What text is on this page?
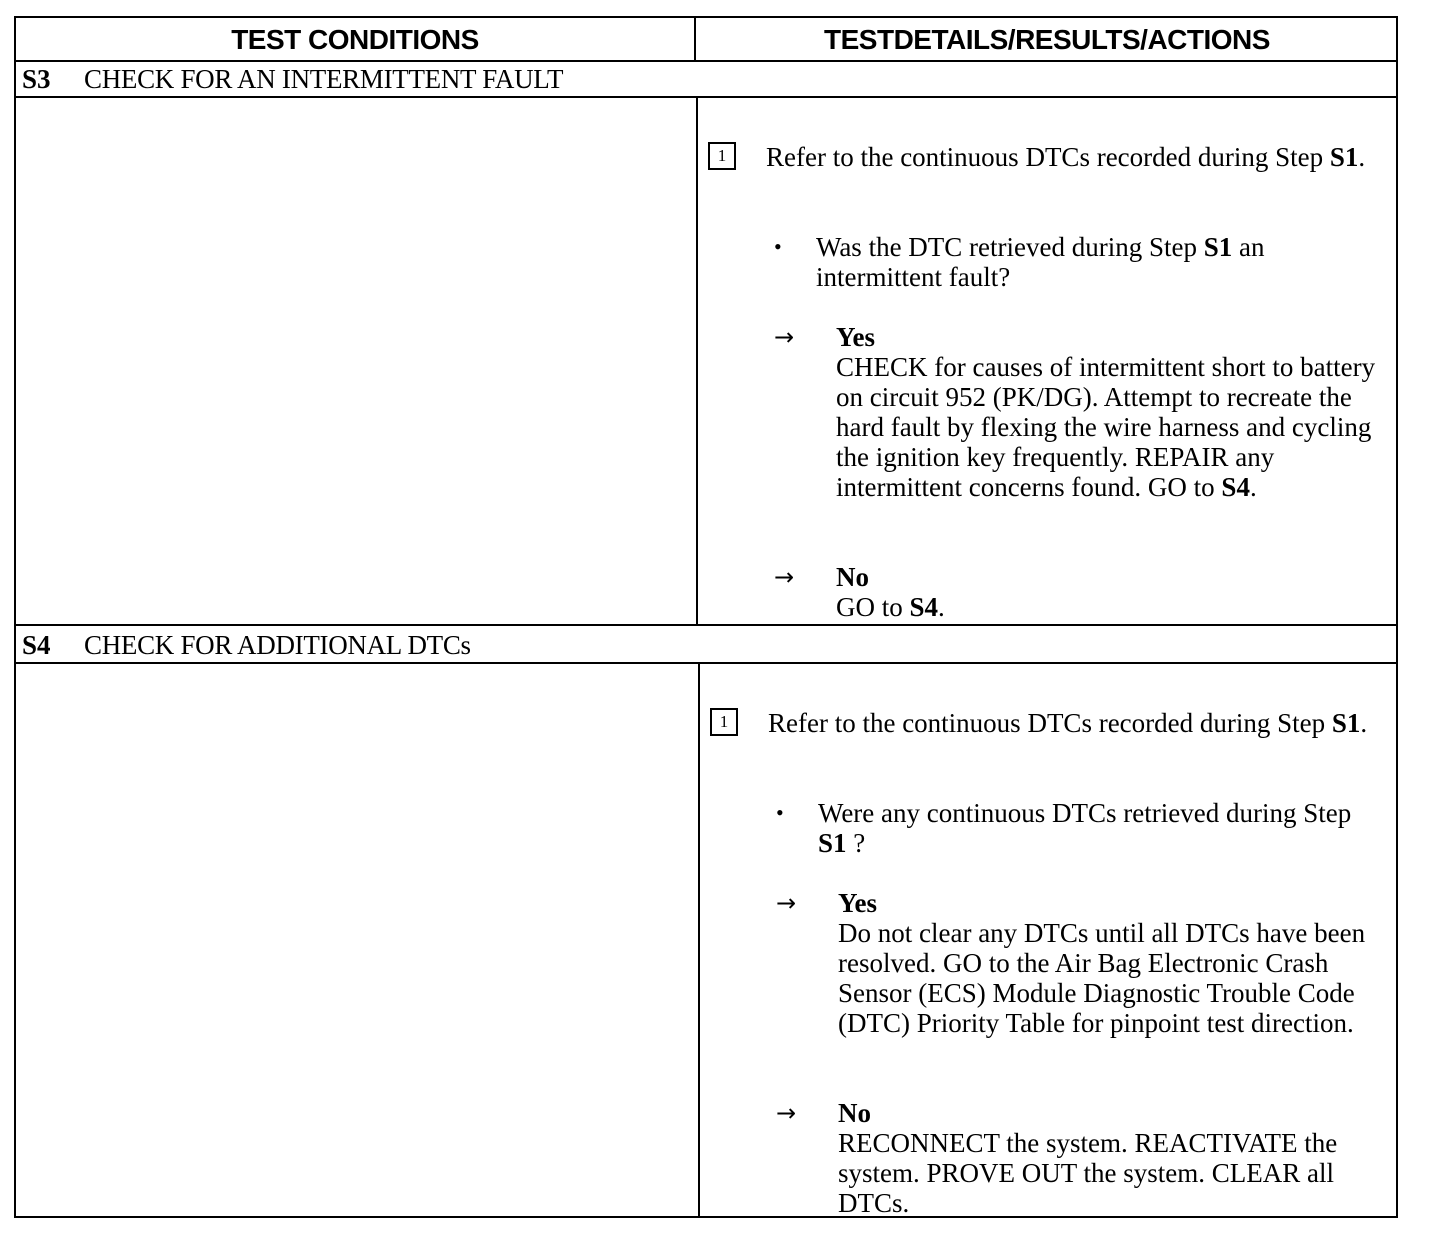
TEST CONDITIONS	TESTDETAILS/RESULTS/ACTIONS
S3 CHECK FOR AN INTERMITTENT FAULT
1	Refer to the continuous DTCs recorded during Step S1.
• Was the DTC retrieved during Step S1 an intermittent fault?
→ Yes
CHECK for causes of intermittent short to battery on circuit 952 (PK/DG). Attempt to recreate the hard fault by flexing the wire harness and cycling the ignition key frequently. REPAIR any intermittent concerns found. GO to S4.
→ No
GO to S4.
S4 CHECK FOR ADDITIONAL DTCs
1	Refer to the continuous DTCs recorded during Step S1.
• Were any continuous DTCs retrieved during Step S1 ?
→ Yes
Do not clear any DTCs until all DTCs have been resolved. GO to the Air Bag Electronic Crash Sensor (ECS) Module Diagnostic Trouble Code (DTC) Priority Table for pinpoint test direction.
→ No
RECONNECT the system. REACTIVATE the system. PROVE OUT the system. CLEAR all DTCs.
